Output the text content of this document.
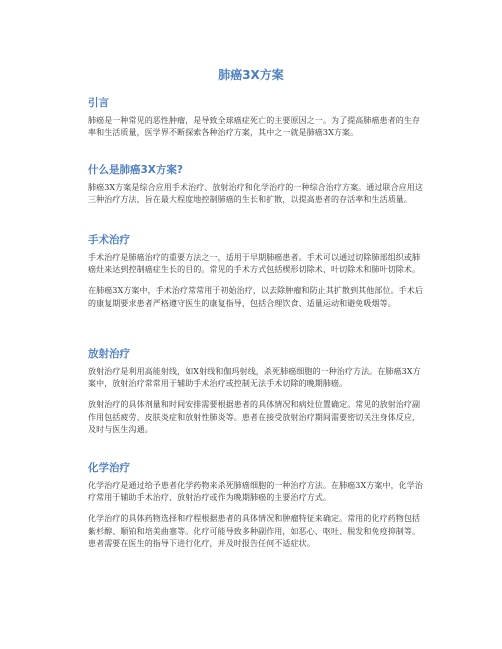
肺癌3X方案
引言

肺癌是一种常见的恶性肿瘤，是导致全球癌症死亡的主要原因之一。为了提高肺癌患者的生存率和生活质量，医学界不断探索各种治疗方案，其中之一就是肺癌3X方案。

什么是肺癌3X方案?

肺癌3X方案是综合应用手术治疗、放射治疗和化学治疗的一种综合治疗方案。通过联合应用这三种治疗方法，旨在最大程度地控制肺癌的生长和扩散，以提高患者的存活率和生活质量。

手术治疗

手术治疗是肺癌治疗的重要方法之一，适用于早期肺癌患者。手术可以通过切除肺部组织或肺癌灶来达到控制癌症生长的目的。常见的手术方式包括楔形切除术、叶切除术和肺叶切除术。

在肺癌3X方案中，手术治疗常常用于初始治疗，以去除肿瘤和防止其扩散到其他部位。手术后的康复期要求患者严格遵守医生的康复指导，包括合理饮食、适量运动和避免吸烟等。

放射治疗

放射治疗是利用高能射线，如X射线和伽玛射线，杀死肺癌细胞的一种治疗方法。在肺癌3X方案中，放射治疗常常用于辅助手术治疗或控制无法手术切除的晚期肺癌。

放射治疗的具体剂量和时间安排需要根据患者的具体情况和病灶位置确定。常见的放射治疗副作用包括疲劳、皮肤炎症和放射性肺炎等。患者在接受放射治疗期间需要密切关注身体反应，及时与医生沟通。

化学治疗

化学治疗是通过给予患者化学药物来杀死肺癌细胞的一种治疗方法。在肺癌3X方案中，化学治疗常用于辅助手术治疗、放射治疗或作为晚期肺癌的主要治疗方式。

化学治疗的具体药物选择和疗程根据患者的具体情况和肿瘤特征来确定。常用的化疗药物包括紫杉醇、顺铂和培美曲塞等。化疗可能导致多种副作用，如恶心、呕吐、脱发和免疫抑制等。患者需要在医生的指导下进行化疗，并及时报告任何不适症状。
